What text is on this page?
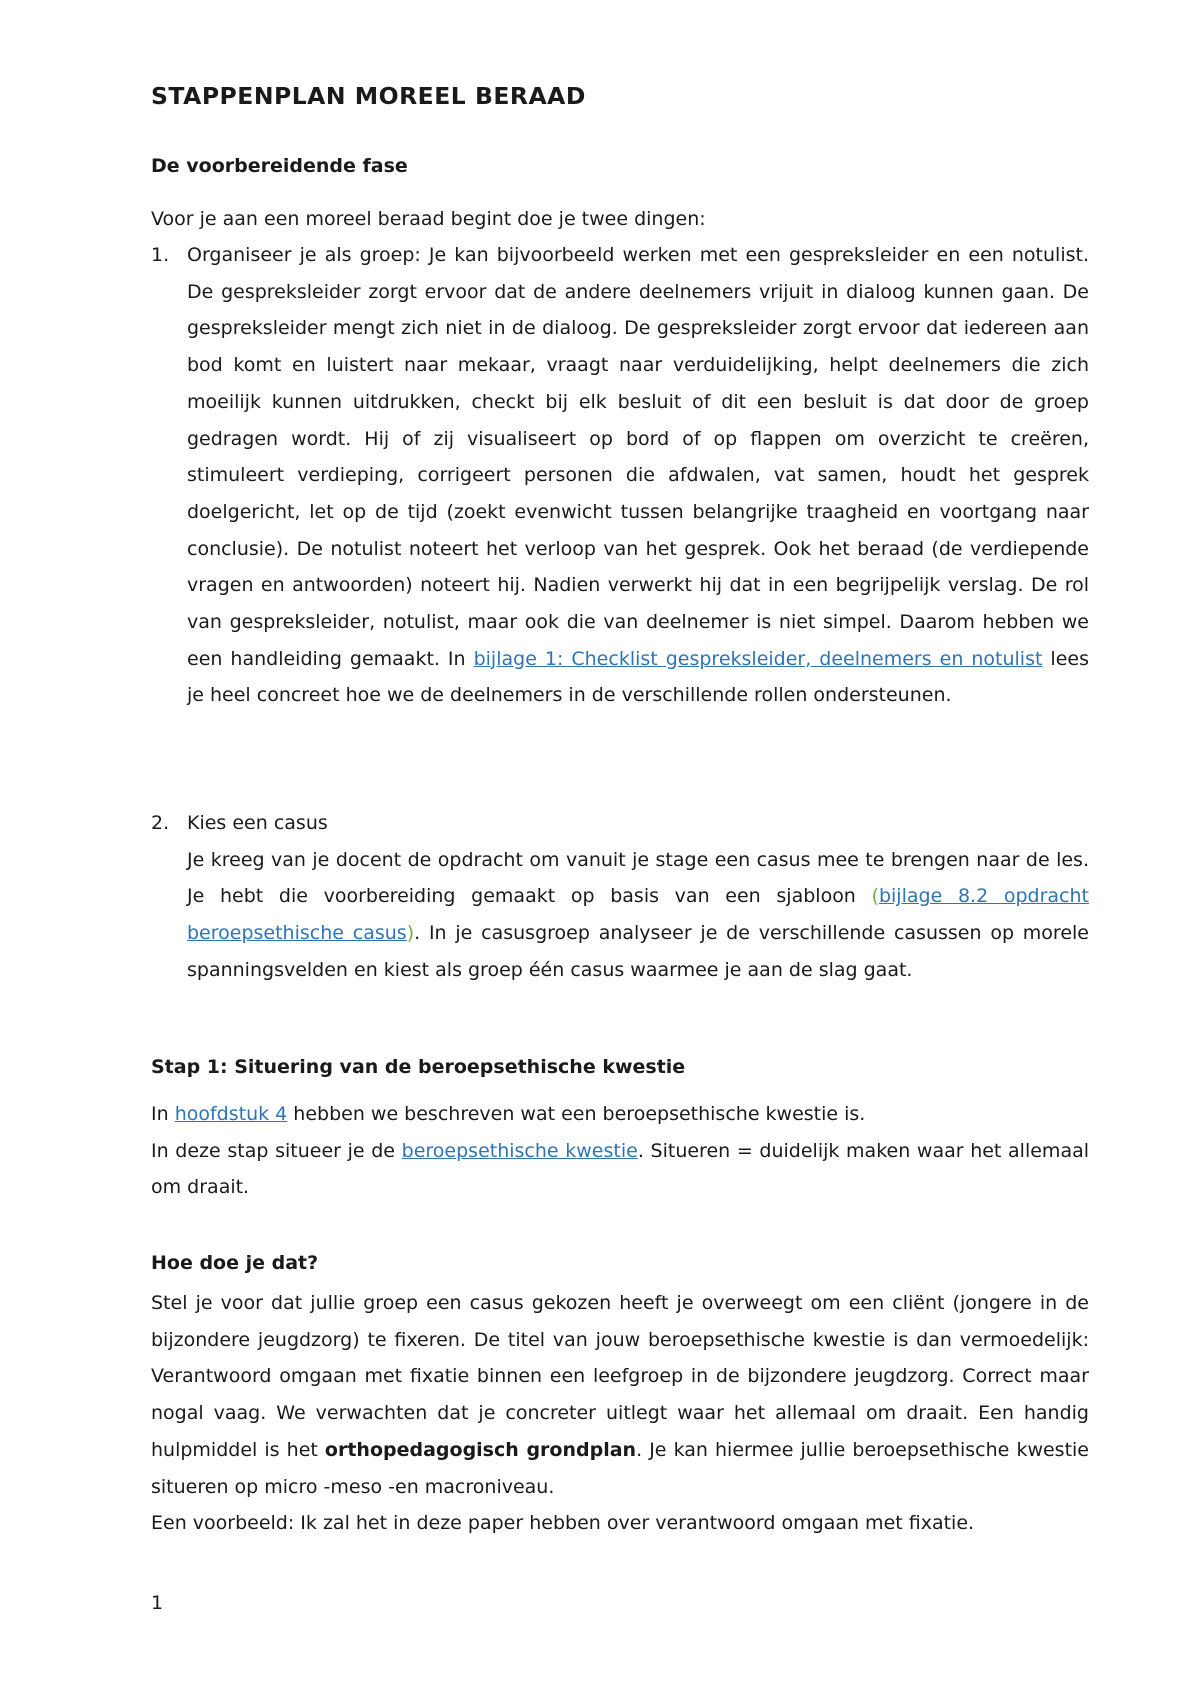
STAPPENPLAN MOREEL BERAAD
De voorbereidende fase

Voor je aan een moreel beraad begint doe je twee dingen:

1. Organiseer je als groep: Je kan bijvoorbeeld werken met een gespreksleider en een notulist. De gespreksleider zorgt ervoor dat de andere deelnemers vrijuit in dialoog kunnen gaan. De gespreksleider mengt zich niet in de dialoog. De gespreksleider zorgt ervoor dat iedereen aan bod komt en luistert naar mekaar, vraagt naar verduidelijking, helpt deelnemers die zich moeilijk kunnen uitdrukken, checkt bij elk besluit of dit een besluit is dat door de groep gedragen wordt. Hij of zij visualiseert op bord of op flappen om overzicht te creëren, stimuleert verdieping, corrigeert personen die afdwalen, vat samen, houdt het gesprek doelgericht, let op de tijd (zoekt evenwicht tussen belangrijke traagheid en voortgang naar conclusie). De notulist noteert het verloop van het gesprek. Ook het beraad (de verdiepende vragen en antwoorden) noteert hij. Nadien verwerkt hij dat in een begrijpelijk verslag. De rol van gespreksleider, notulist, maar ook die van deelnemer is niet simpel. Daarom hebben we een handleiding gemaakt. In bijlage 1: Checklist gespreksleider, deelnemers en notulist lees je heel concreet hoe we de deelnemers in de verschillende rollen ondersteunen.
2. Kies een casus
Je kreeg van je docent de opdracht om vanuit je stage een casus mee te brengen naar de les. Je hebt die voorbereiding gemaakt op basis van een sjabloon (bijlage 8.2 opdracht beroepsethische casus). In je casusgroep analyseer je de verschillende casussen op morele spanningsvelden en kiest als groep één casus waarmee je aan de slag gaat.
Stap 1: Situering van de beroepsethische kwestie
In hoofdstuk 4 hebben we beschreven wat een beroepsethische kwestie is.
In deze stap situeer je de beroepsethische kwestie. Situeren = duidelijk maken waar het allemaal om draait.
Hoe doe je dat?
Stel je voor dat jullie groep een casus gekozen heeft je overweegt om een cliënt (jongere in de bijzondere jeugdzorg) te fixeren. De titel van jouw beroepsethische kwestie is dan vermoedelijk: Verantwoord omgaan met fixatie binnen een leefgroep in de bijzondere jeugdzorg. Correct maar nogal vaag. We verwachten dat je concreter uitlegt waar het allemaal om draait. Een handig hulpmiddel is het orthopedagogisch grondplan. Je kan hiermee jullie beroepsethische kwestie situeren op micro -meso -en macroniveau.
Een voorbeeld: Ik zal het in deze paper hebben over verantwoord omgaan met fixatie.
1
